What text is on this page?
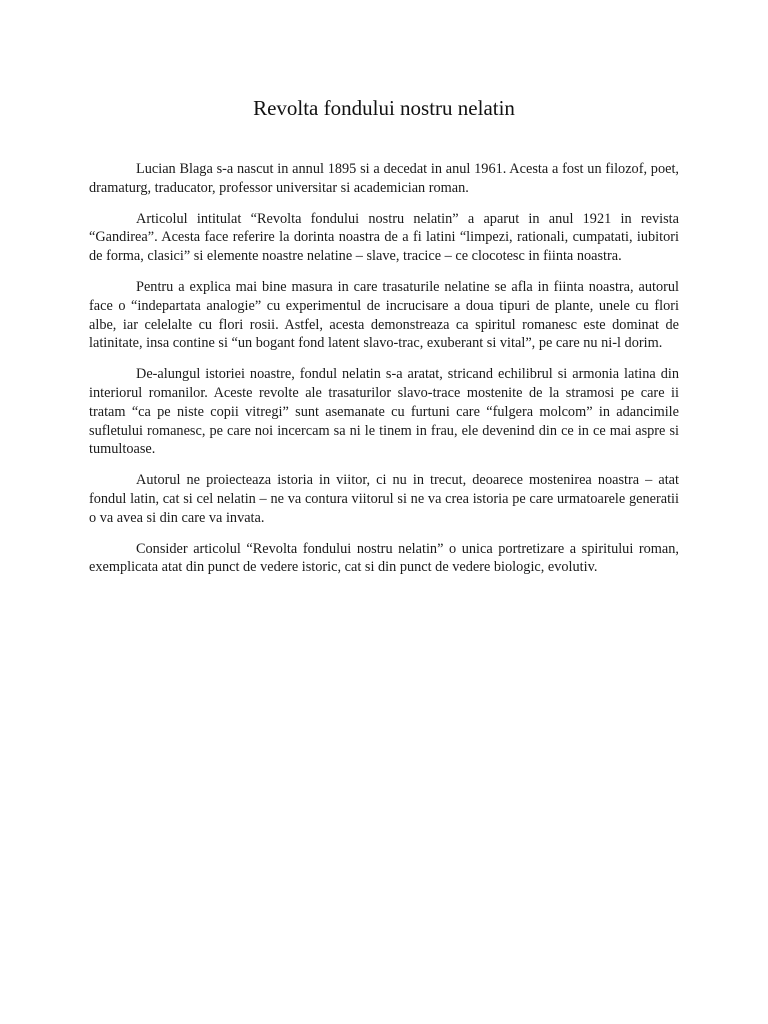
Revolta fondului nostru nelatin

Lucian Blaga s-a nascut in annul 1895 si a decedat in anul 1961. Acesta a fost un filozof, poet, dramaturg, traducator, professor universitar si academician roman.

Articolul intitulat “Revolta fondului nostru nelatin” a aparut in anul 1921 in revista “Gandirea”. Acesta face referire la dorinta noastra de a fi latini “limpezi, rationali, cumpatati, iubitori de forma, clasici” si elemente noastre nelatine – slave, tracice – ce clocotesc in fiinta noastra.

Pentru a explica mai bine masura in care trasaturile nelatine se afla in fiinta noastra, autorul face o “indepartata analogie” cu experimentul de incrucisare a doua tipuri de plante, unele cu flori albe, iar celelalte cu flori rosii. Astfel, acesta demonstreaza ca spiritul romanesc este dominat de latinitate, insa contine si “un bogant fond latent slavo-trac, exuberant si vital”, pe care nu ni-l dorim.

De-alungul istoriei noastre, fondul nelatin s-a aratat, stricand echilibrul si armonia latina din interiorul romanilor. Aceste revolte ale trasaturilor slavo-trace mostenite de la stramosi pe care ii tratam “ca pe niste copii vitregi” sunt asemanate cu furtuni care “fulgera molcom” in adancimile sufletului romanesc, pe care noi incercam sa ni le tinem in frau, ele devenind din ce in ce mai aspre si tumultoase.

Autorul ne proiecteaza istoria in viitor, ci nu in trecut, deoarece mostenirea noastra – atat fondul latin, cat si cel nelatin – ne va contura viitorul si ne va crea istoria pe care urmatoarele generatii o va avea si din care va invata.

Consider articolul “Revolta fondului nostru nelatin” o unica portretizare a spiritului roman, exemplicata atat din punct de vedere istoric, cat si din punct de vedere biologic, evolutiv.
